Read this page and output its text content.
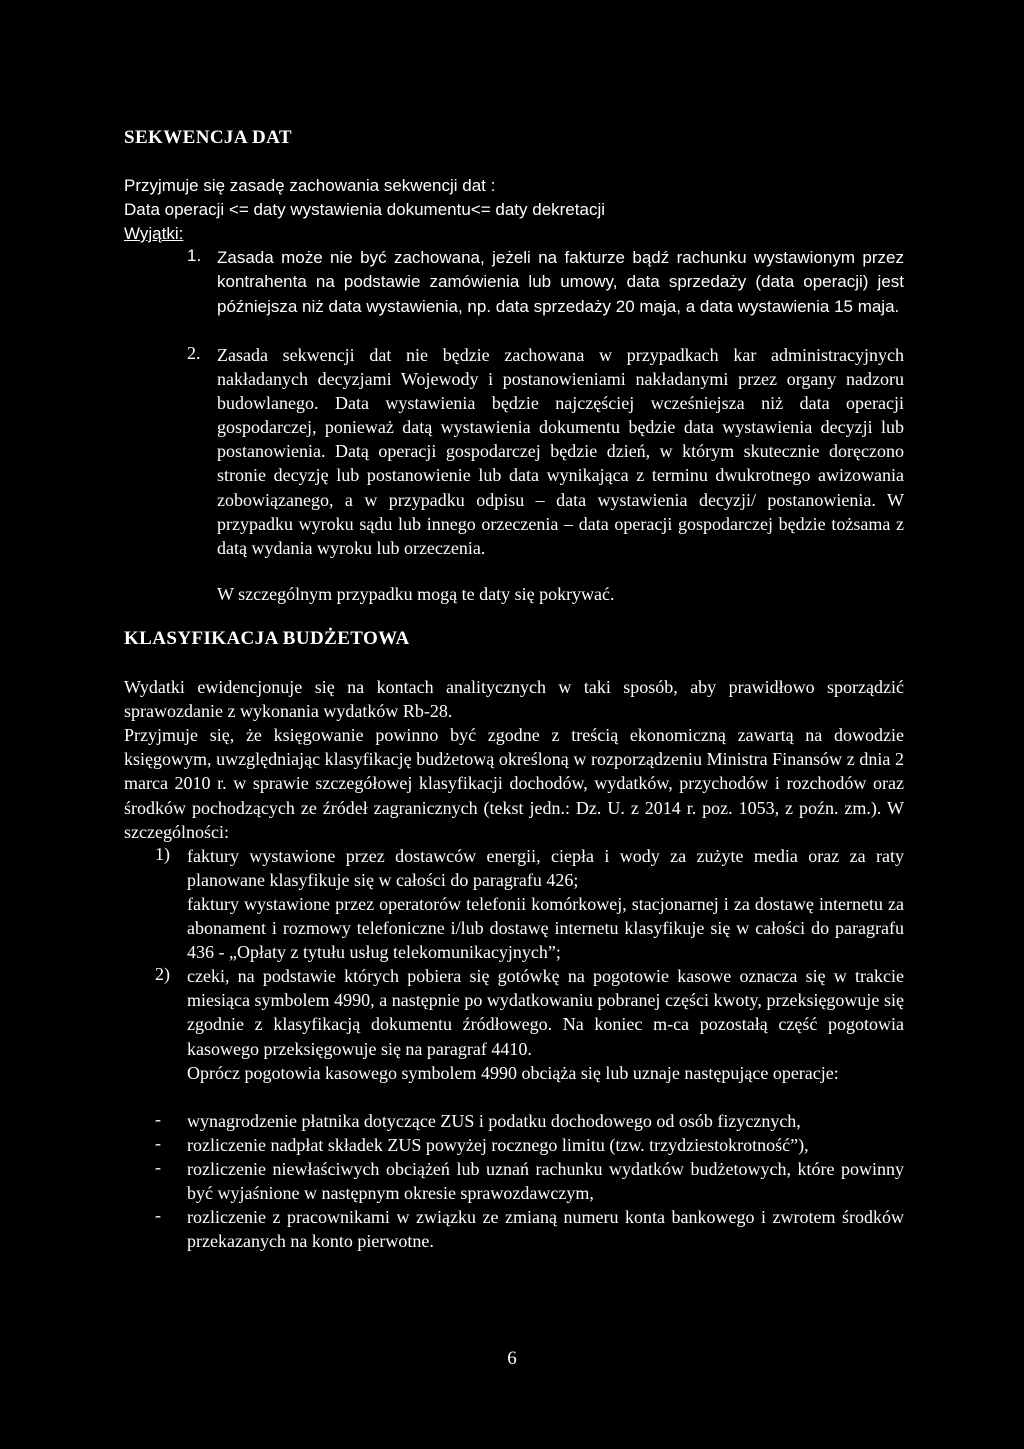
SEKWENCJA DAT
Przyjmuje się zasadę zachowania sekwencji dat :
Data operacji <= daty wystawienia dokumentu<= daty dekretacji
Wyjątki:
1. Zasada może nie być zachowana, jeżeli na fakturze bądź rachunku wystawionym przez kontrahenta na podstawie zamówienia lub umowy, data sprzedaży (data operacji) jest późniejsza niż data wystawienia, np. data sprzedaży 20 maja, a data wystawienia 15 maja.
2. Zasada sekwencji dat nie będzie zachowana w przypadkach kar administracyjnych nakładanych decyzjami Wojewody i postanowieniami nakładanymi przez organy nadzoru budowlanego. Data wystawienia będzie najczęściej wcześniejsza niż data operacji gospodarczej, ponieważ datą wystawienia dokumentu będzie data wystawienia decyzji lub postanowienia. Datą operacji gospodarczej będzie dzień, w którym skutecznie doręczono stronie decyzję lub postanowienie lub data wynikająca z terminu dwukrotnego awizowania zobowiązanego, a w przypadku odpisu – data wystawienia decyzji/ postanowienia. W przypadku wyroku sądu lub innego orzeczenia – data operacji gospodarczej będzie tożsama z datą wydania wyroku lub orzeczenia.
W szczególnym przypadku mogą te daty się pokrywać.
KLASYFIKACJA BUDŻETOWA
Wydatki ewidencjonuje się na kontach analitycznych w taki sposób, aby prawidłowo sporządzić sprawozdanie z wykonania wydatków Rb-28.
Przyjmuje się, że księgowanie powinno być zgodne z treścią ekonomiczną zawartą na dowodzie księgowym, uwzględniając klasyfikację budżetową określoną w rozporządzeniu Ministra Finansów z dnia 2 marca 2010 r. w sprawie szczegółowej klasyfikacji dochodów, wydatków, przychodów i rozchodów oraz środków pochodzących ze źródeł zagranicznych (tekst jedn.: Dz. U. z 2014 r. poz. 1053, z poźn. zm.). W szczególności:
1) faktury wystawione przez dostawców energii, ciepła i wody za zużyte media oraz za raty planowane klasyfikuje się w całości do paragrafu 426;
faktury wystawione przez operatorów telefonii komórkowej, stacjonarnej i za dostawę internetu za abonament i rozmowy telefoniczne i/lub dostawę internetu klasyfikuje się w całości do paragrafu 436 - „Opłaty z tytułu usług telekomunikacyjnych”;
2) czeki, na podstawie których pobiera się gotówkę na pogotowie kasowe oznacza się w trakcie miesiąca symbolem 4990, a następnie po wydatkowaniu pobranej części kwoty, przeksięgowuje się zgodnie z klasyfikacją dokumentu źródłowego. Na koniec m-ca pozostałą część pogotowia kasowego przeksięgowuje się na paragraf 4410.
Oprócz pogotowia kasowego symbolem 4990 obciąża się lub uznaje następujące operacje:
- wynagrodzenie płatnika dotyczące ZUS i podatku dochodowego od osób fizycznych,
- rozliczenie nadpłat składek ZUS powyżej rocznego limitu (tzw. trzydziestokrotność”),
- rozliczenie niewłaściwych obciążeń lub uznań rachunku wydatków budżetowych, które powinny być wyjaśnione w następnym okresie sprawozdawczym,
- rozliczenie z pracownikami w związku ze zmianą numeru konta bankowego i zwrotem środków przekazanych na konto pierwotne.
6
